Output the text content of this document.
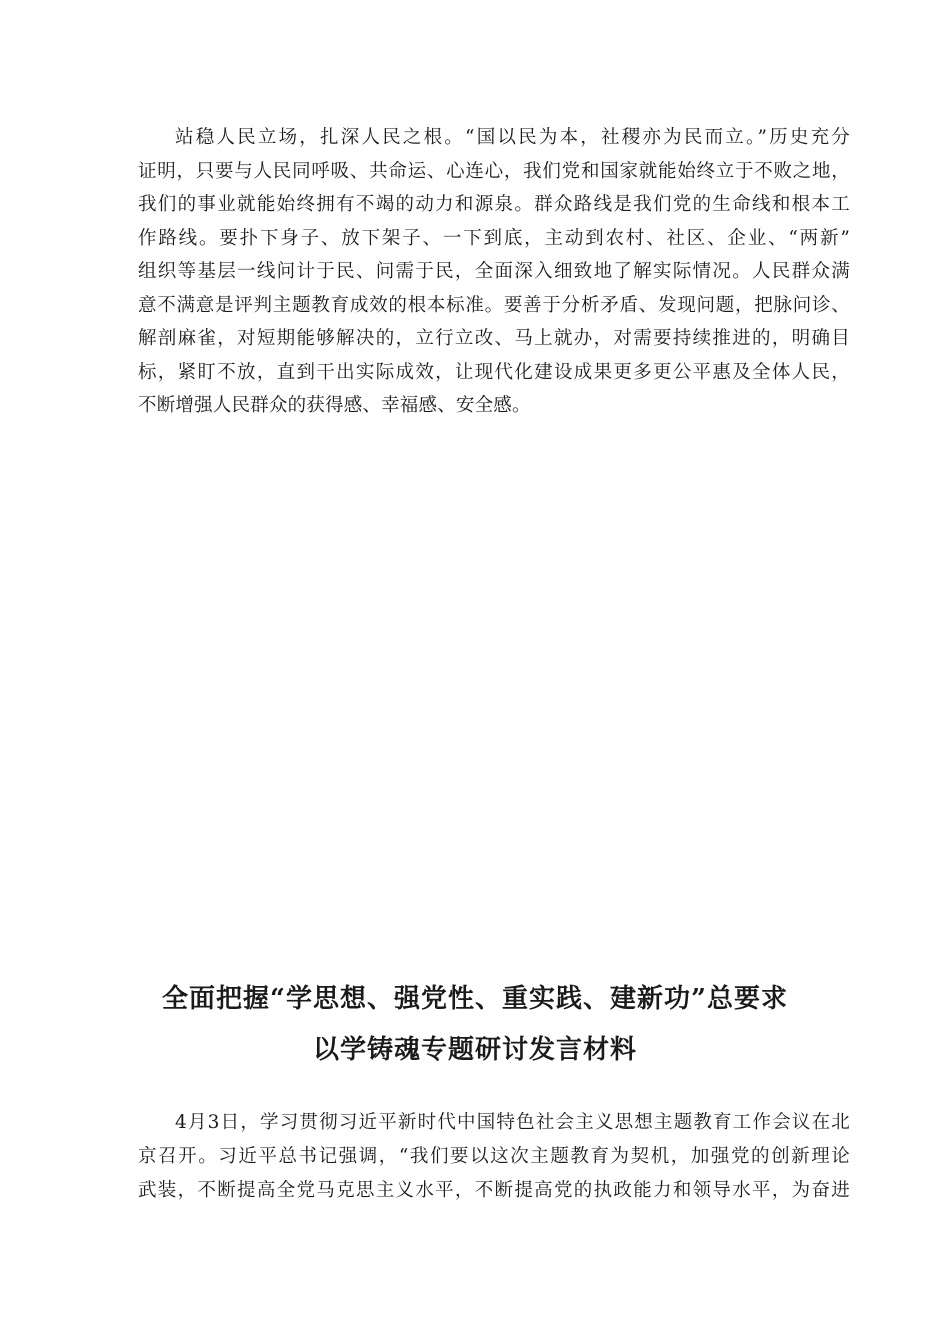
站稳人民立场，扎深人民之根。“国以民为本，社稷亦为民而立。”历史充分
证明，只要与人民同呼吸、共命运、心连心，我们党和国家就能始终立于不败之地，
我们的事业就能始终拥有不竭的动力和源泉。群众路线是我们党的生命线和根本工
作路线。要扑下身子、放下架子、一下到底，主动到农村、社区、企业、“两新”
组织等基层一线问计于民、问需于民，全面深入细致地了解实际情况。人民群众满
意不满意是评判主题教育成效的根本标准。要善于分析矛盾、发现问题，把脉问诊、
解剖麻雀，对短期能够解决的，立行立改、马上就办，对需要持续推进的，明确目
标，紧盯不放，直到干出实际成效，让现代化建设成果更多更公平惠及全体人民，
不断增强人民群众的获得感、幸福感、安全感。
全面把握“学思想、强党性、重实践、建新功”总要求
以学铸魂专题研讨发言材料
4月3日，学习贯彻习近平新时代中国特色社会主义思想主题教育工作会议在北
京召开。习近平总书记强调，“我们要以这次主题教育为契机，加强党的创新理论
武装，不断提高全党马克思主义水平，不断提高党的执政能力和领导水平，为奋进
